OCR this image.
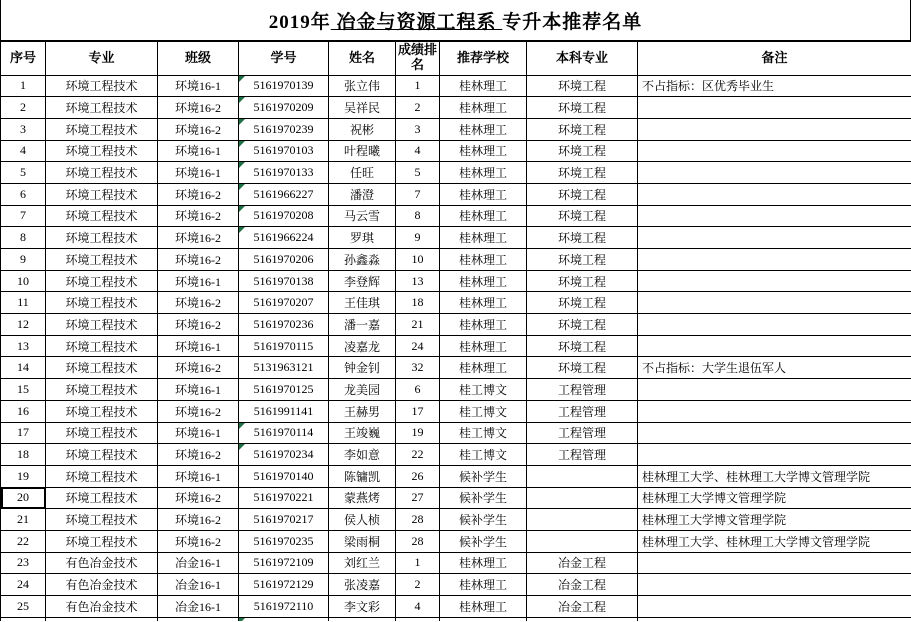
2019年 冶金与资源工程系 专升本推荐名单
序号	专业	班级	学号	姓名	成绩排名	推荐学校	本科专业	备注
1	环境工程技术	环境16-1	5161970139	张立伟	1	桂林理工	环境工程	不占指标：区优秀毕业生
2	环境工程技术	环境16-2	5161970209	吴祥民	2	桂林理工	环境工程	
3	环境工程技术	环境16-2	5161970239	祝彬	3	桂林理工	环境工程	
4	环境工程技术	环境16-1	5161970103	叶程曦	4	桂林理工	环境工程	
5	环境工程技术	环境16-1	5161970133	任旺	5	桂林理工	环境工程	
6	环境工程技术	环境16-2	5161966227	潘澄	7	桂林理工	环境工程	
7	环境工程技术	环境16-2	5161970208	马云雪	8	桂林理工	环境工程	
8	环境工程技术	环境16-2	5161966224	罗琪	9	桂林理工	环境工程	
9	环境工程技术	环境16-2	5161970206	孙鑫淼	10	桂林理工	环境工程	
10	环境工程技术	环境16-1	5161970138	李登辉	13	桂林理工	环境工程	
11	环境工程技术	环境16-2	5161970207	王佳琪	18	桂林理工	环境工程	
12	环境工程技术	环境16-2	5161970236	潘一嘉	21	桂林理工	环境工程	
13	环境工程技术	环境16-1	5161970115	凌嘉龙	24	桂林理工	环境工程	
14	环境工程技术	环境16-2	5131963121	钟金钊	32	桂林理工	环境工程	不占指标：大学生退伍军人
15	环境工程技术	环境16-1	5161970125	龙美园	6	桂工博文	工程管理	
16	环境工程技术	环境16-2	5161991141	王赫男	17	桂工博文	工程管理	
17	环境工程技术	环境16-1	5161970114	王竣巍	19	桂工博文	工程管理	
18	环境工程技术	环境16-2	5161970234	李如意	22	桂工博文	工程管理	
19	环境工程技术	环境16-1	5161970140	陈镛凯	26	候补学生		桂林理工大学、桂林理工大学博文管理学院
20	环境工程技术	环境16-2	5161970221	蒙燕烤	27	候补学生		桂林理工大学博文管理学院
21	环境工程技术	环境16-2	5161970217	侯人桢	28	候补学生		桂林理工大学博文管理学院
22	环境工程技术	环境16-2	5161970235	梁雨桐	28	候补学生		桂林理工大学、桂林理工大学博文管理学院
23	有色冶金技术	冶金16-1	5161972109	刘红兰	1	桂林理工	冶金工程	
24	有色冶金技术	冶金16-1	5161972129	张凌嘉	2	桂林理工	冶金工程	
25	有色冶金技术	冶金16-1	5161972110	李文彩	4	桂林理工	冶金工程	
